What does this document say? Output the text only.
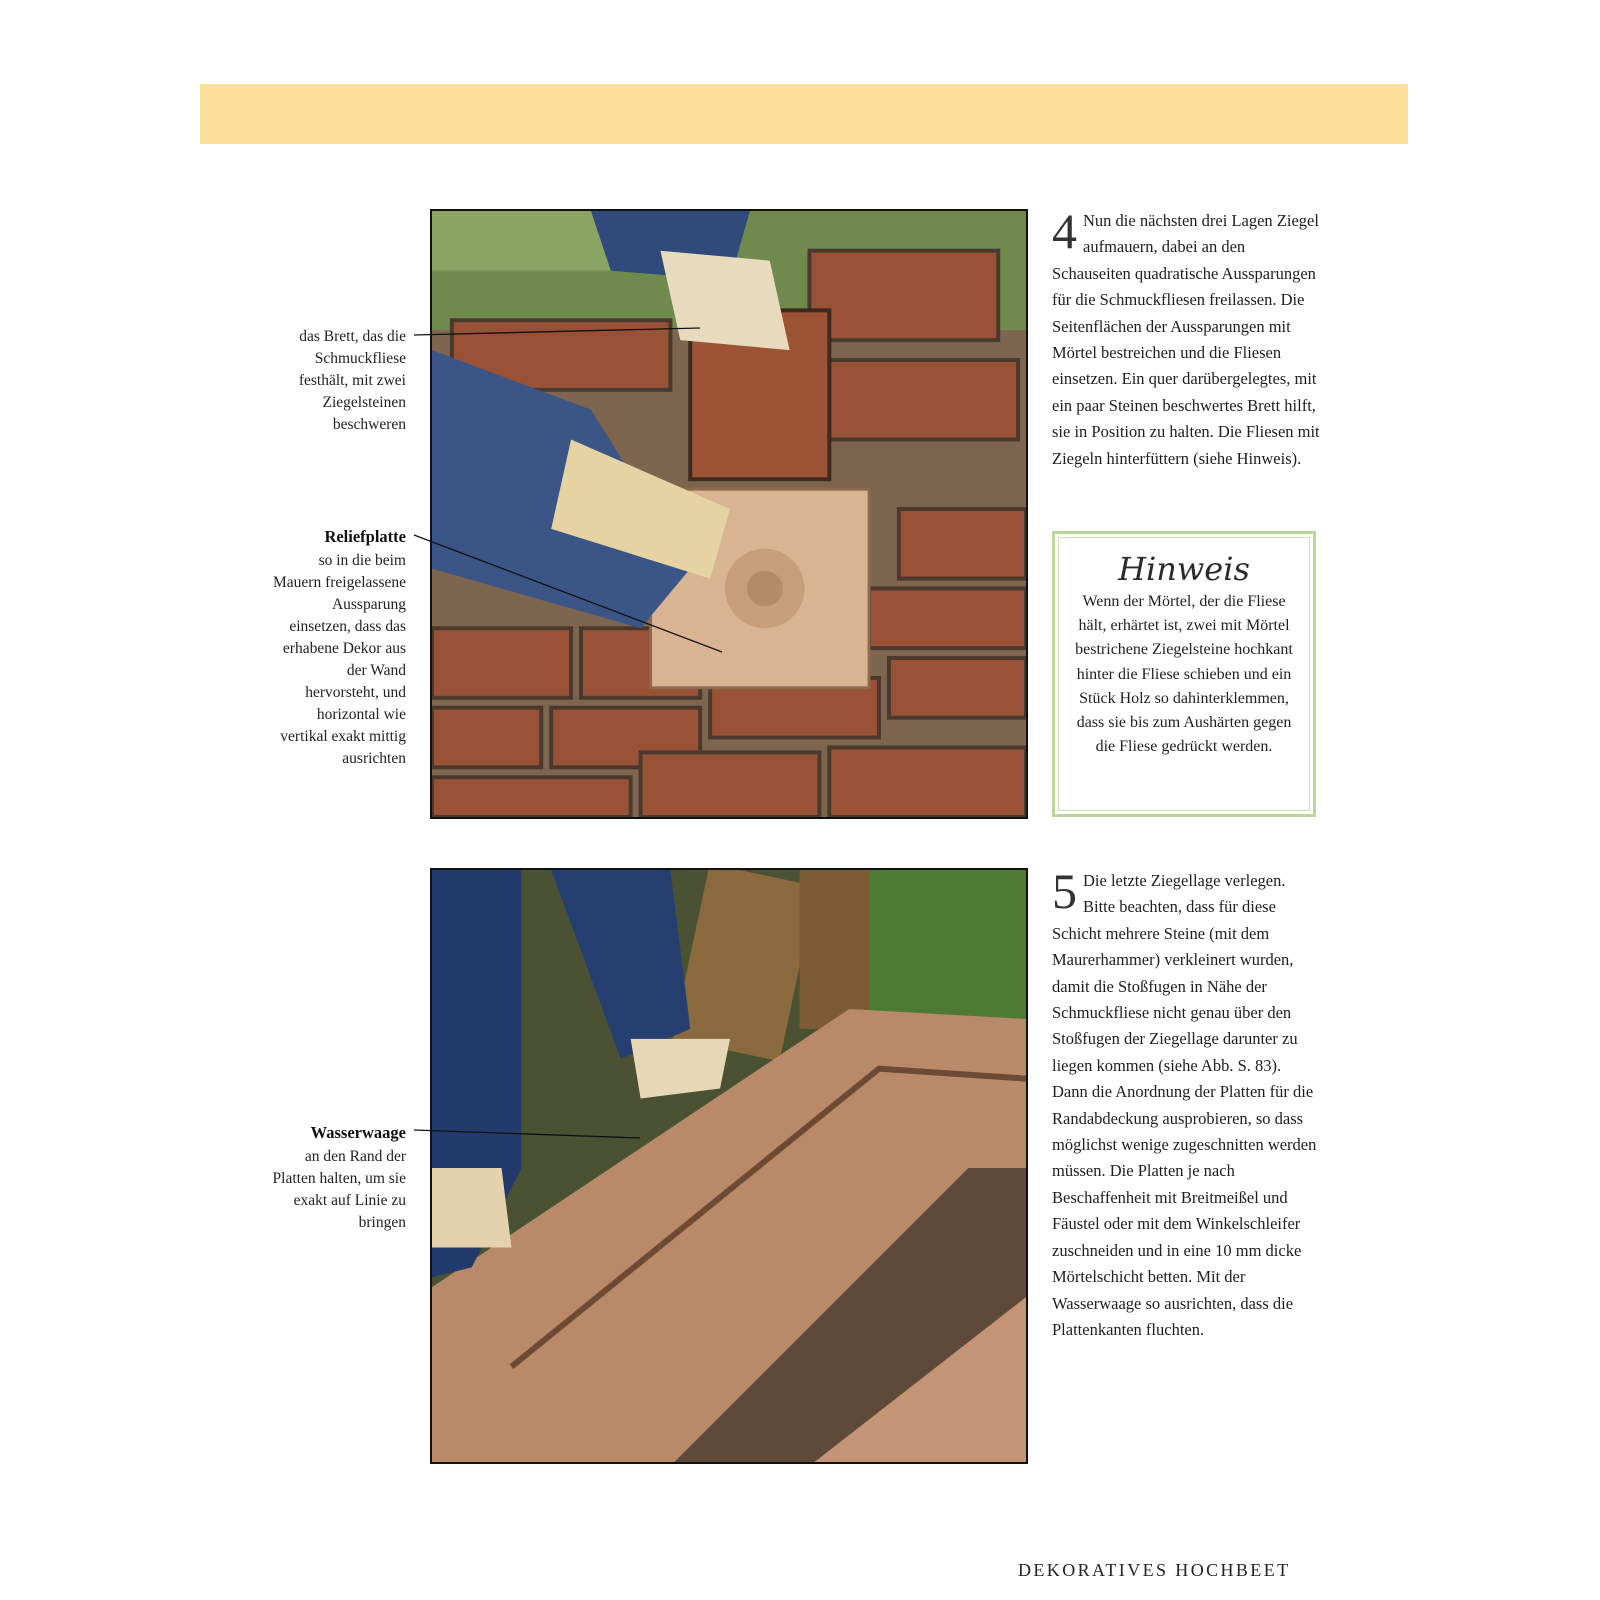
das Brett, das die Schmuckfliese festhält, mit zwei Ziegelsteinen beschweren
Reliefplatte
so in die beim Mauern freigelassene Aussparung einsetzen, dass das erhabene Dekor aus der Wand hervorsteht, und horizontal wie vertikal exakt mittig ausrichten
Wasserwaage
an den Rand der Platten halten, um sie exakt auf Linie zu bringen
4 Nun die nächsten drei Lagen Ziegel aufmauern, dabei an den Schauseiten quadratische Aussparungen für die Schmuckfliesen freilassen. Die Seitenflächen der Aussparungen mit Mörtel bestreichen und die Fliesen einsetzen. Ein quer darübergelegtes, mit ein paar Steinen beschwertes Brett hilft, sie in Position zu halten. Die Fliesen mit Ziegeln hinterfüttern (siehe Hinweis).
Hinweis
Wenn der Mörtel, der die Fliese hält, erhärtet ist, zwei mit Mörtel bestrichene Ziegelsteine hochkant hinter die Fliese schieben und ein Stück Holz so dahinterklemmen, dass sie bis zum Aushärten gegen die Fliese gedrückt werden.
5 Die letzte Ziegellage verlegen. Bitte beachten, dass für diese Schicht mehrere Steine (mit dem Maurerhammer) verkleinert wurden, damit die Stoßfugen in Nähe der Schmuckfliese nicht genau über den Stoßfugen der Ziegellage darunter zu liegen kommen (siehe Abb. S. 83). Dann die Anordnung der Platten für die Randabdeckung ausprobieren, so dass möglichst wenige zugeschnitten werden müssen. Die Platten je nach Beschaffenheit mit Breitmeißel und Fäustel oder mit dem Winkelschleifer zuschneiden und in eine 10 mm dicke Mörtelschicht betten. Mit der Wasserwaage so ausrichten, dass die Plattenkanten fluchten.
DEKORATIVES HOCHBEET
